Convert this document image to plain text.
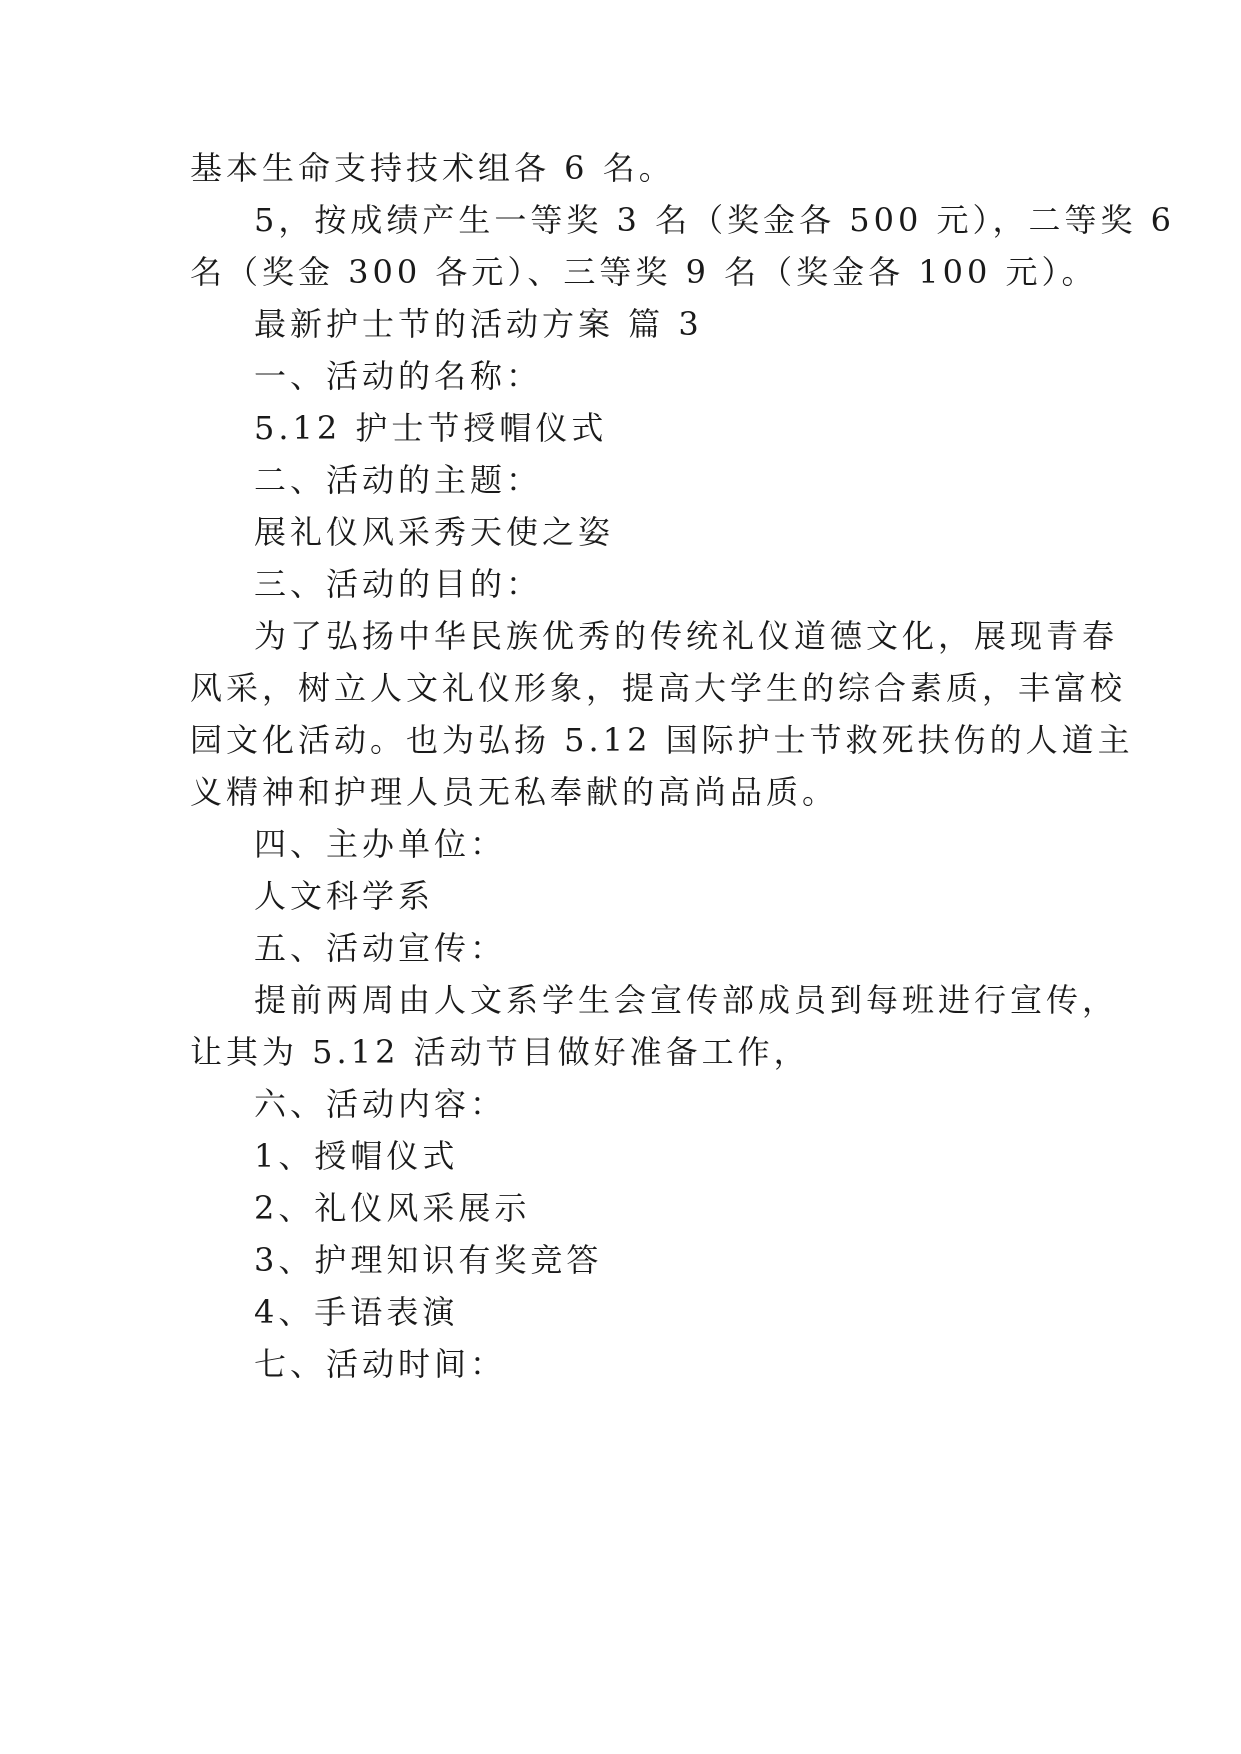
基本生命支持技术组各 6 名。
5，按成绩产生一等奖 3 名（奖金各 500 元），二等奖 6
名（奖金 300 各元）、三等奖 9 名（奖金各 100 元）。
最新护士节的活动方案 篇 3
一、活动的名称：
5.12 护士节授帽仪式
二、活动的主题：
展礼仪风采秀天使之姿
三、活动的目的：
为了弘扬中华民族优秀的传统礼仪道德文化，展现青春
风采，树立人文礼仪形象，提高大学生的综合素质，丰富校
园文化活动。也为弘扬 5.12 国际护士节救死扶伤的人道主
义精神和护理人员无私奉献的高尚品质。
四、主办单位：
人文科学系
五、活动宣传：
提前两周由人文系学生会宣传部成员到每班进行宣传，
让其为 5.12 活动节目做好准备工作，
六、活动内容：
1、授帽仪式
2、礼仪风采展示
3、护理知识有奖竞答
4、手语表演
七、活动时间：
